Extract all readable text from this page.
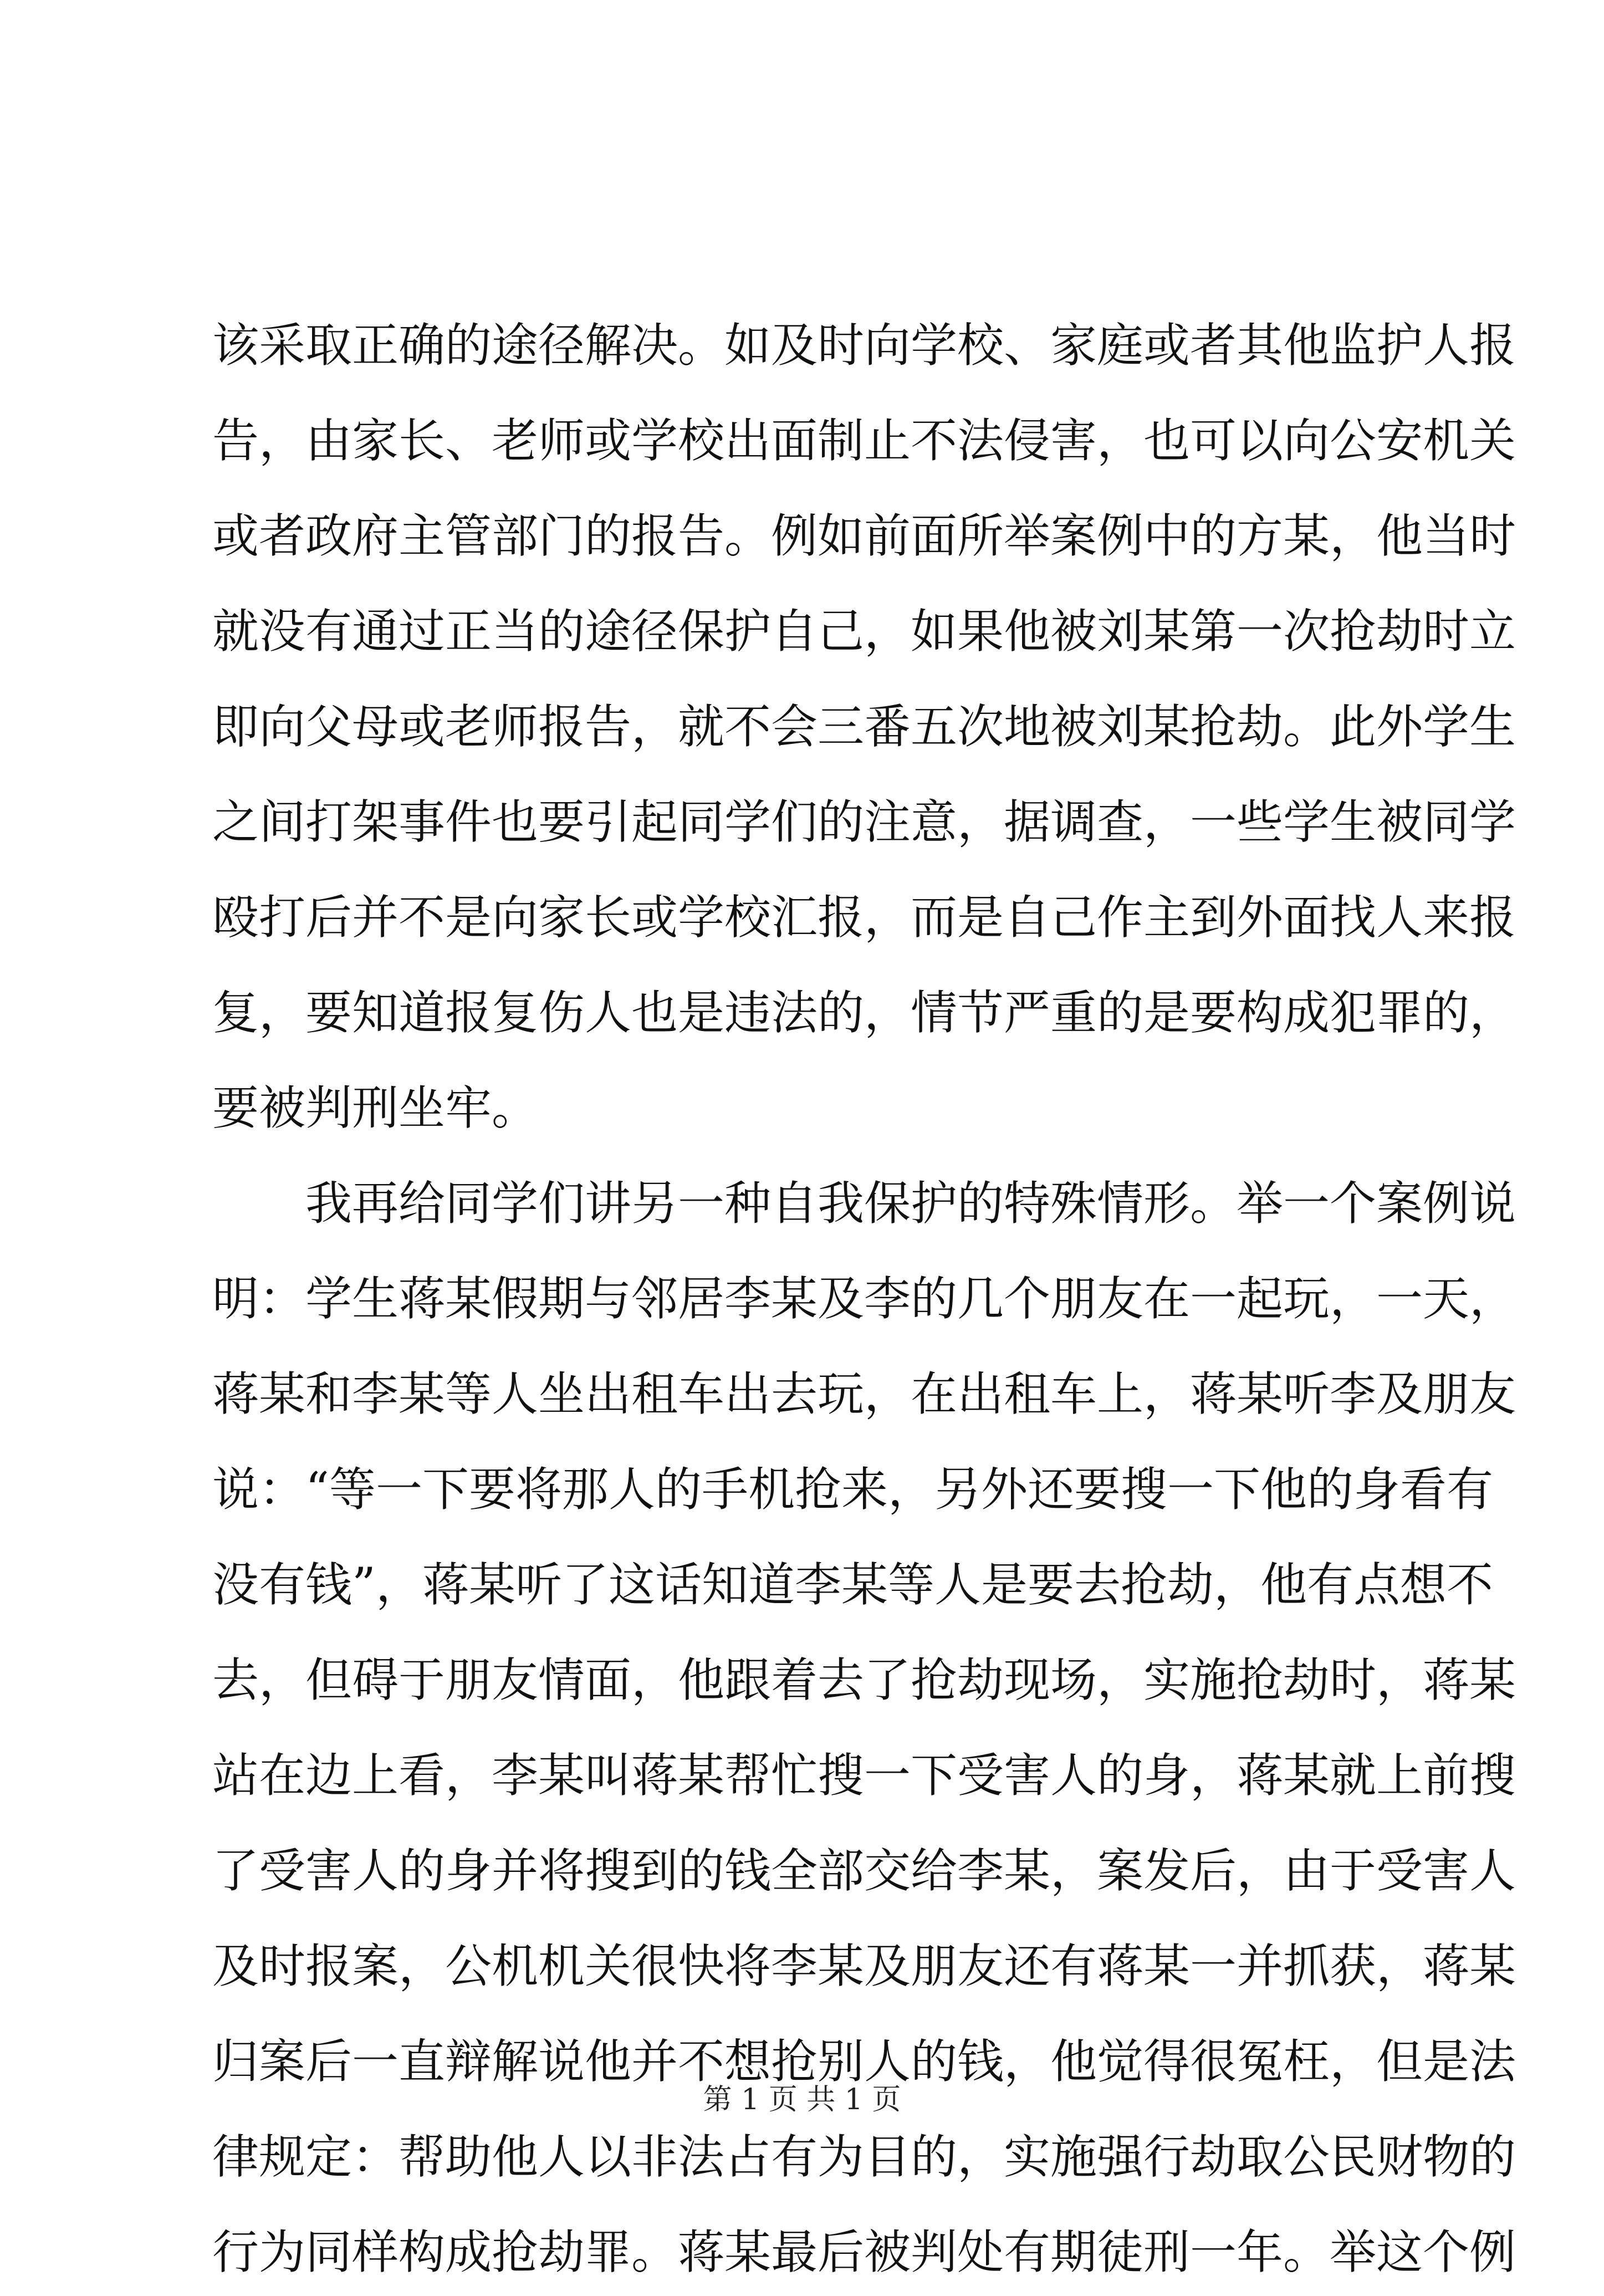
该采取正确的途径解决。如及时向学校、家庭或者其他监护人报
告，由家长、老师或学校出面制止不法侵害，也可以向公安机关
或者政府主管部门的报告。例如前面所举案例中的方某，他当时
就没有通过正当的途径保护自己，如果他被刘某第一次抢劫时立
即向父母或老师报告，就不会三番五次地被刘某抢劫。此外学生
之间打架事件也要引起同学们的注意，据调查，一些学生被同学
殴打后并不是向家长或学校汇报，而是自己作主到外面找人来报
复，要知道报复伤人也是违法的，情节严重的是要构成犯罪的，
要被判刑坐牢。
我再给同学们讲另一种自我保护的特殊情形。举一个案例说
明：学生蒋某假期与邻居李某及李的几个朋友在一起玩，一天，
蒋某和李某等人坐出租车出去玩，在出租车上，蒋某听李及朋友
说：“等一下要将那人的手机抢来，另外还要搜一下他的身看有
没有钱”，蒋某听了这话知道李某等人是要去抢劫，他有点想不
去，但碍于朋友情面，他跟着去了抢劫现场，实施抢劫时，蒋某
站在边上看，李某叫蒋某帮忙搜一下受害人的身，蒋某就上前搜
了受害人的身并将搜到的钱全部交给李某，案发后，由于受害人
及时报案，公机机关很快将李某及朋友还有蒋某一并抓获，蒋某
归案后一直辩解说他并不想抢别人的钱，他觉得很冤枉，但是法
律规定：帮助他人以非法占有为目的，实施强行劫取公民财物的
行为同样构成抢劫罪。蒋某最后被判处有期徒刑一年。举这个例
第 1 页 共 1 页
